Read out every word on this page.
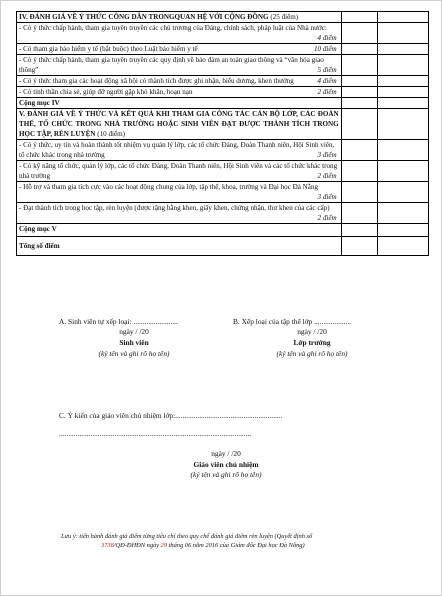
IV. ĐÁNH GIÁ VỀ Ý THỨC CÔNG DÂN TRONGQUAN HỆ VỚI CỘNG ĐỒNG (25 điểm)		
- Có ý thức chấp hành, tham gia tuyên truyền các chủ trương của Đảng, chính sách, pháp luật của Nhà nước:
4 điểm		

- Có tham gia bảo hiểm y tế (bắt buộc) theo Luật bảo hiểm y tế 10 điểm		

- Có ý thức chấp hành, tham gia tuyên truyền các quy định về bảo đảm an toàn giao thông và “văn hóa giao thông” 5 điểm		

- Có ý thức tham gia các hoạt động xã hội có thành tích được ghi nhận, biểu dương, khen thưởng 4 điểm		

- Có tinh thần chia sẻ, giúp đỡ người gặp khó khăn, hoạn nạn 2 điểm		

Cộng mục IV		
V. ĐÁNH GIÁ VỀ Ý THỨC VÀ KẾT QUẢ KHI THAM GIA CÔNG TÁC CÁN BỘ LỚP, CÁC ĐOÀN THỂ, TỔ CHỨC TRONG NHÀ TRƯỜNG HOẶC SINH VIÊN ĐẠT ĐƯỢC THÀNH TÍCH TRONG HỌC TẬP, RÈN LUYỆN (10 điểm)		
- Có ý thức, uy tín và hoàn thành tốt nhiệm vụ quản lý lớp, các tổ chức Đảng, Đoàn Thanh niên, Hội Sinh viên, tổ chức khác trong nhà trường 3 điểm		

- Có kỹ năng tổ chức, quản lý lớp, các tổ chức Đảng, Đoàn Thanh niên, Hội Sinh viên và các tổ chức khác trong nhà trường 2 điểm		

- Hỗ trợ và tham gia tích cực vào các hoạt động chung của lớp, tập thể, khoa, trường và Đại học Đà Nẵng
3 điểm		

- Đạt thành tích trong học tập, rèn luyện (được tặng bằng khen, giấy khen, chứng nhận, thư khen của các cấp)
2 điểm		

Cộng mục V		
Tổng số điểm		
A. Sinh viên tự xếp loại: ........................
ngày / /20
Sinh viên
(ký tên và ghi rõ họ tên)
B. Xếp loại của tập thể lớp ....................
ngày / /20
Lớp trưởng
(ký tên và ghi rõ họ tên)
C. Ý kiến của giáo viên chủ nhiệm lớp:..........................................................
........................................................................................................
ngày / /20
Giáo viên chủ nhiệm
(ký tên và ghi rõ họ tên)
Lưu ý: tiến hành đánh giá điểm từng tiêu chí theo quy chế đánh giá điểm rèn luyện (Quyết định số
3738/QĐ-ĐHĐN ngày 29 tháng 06 năm 2016 của Giám đốc Đại học Đà Nẵng)
